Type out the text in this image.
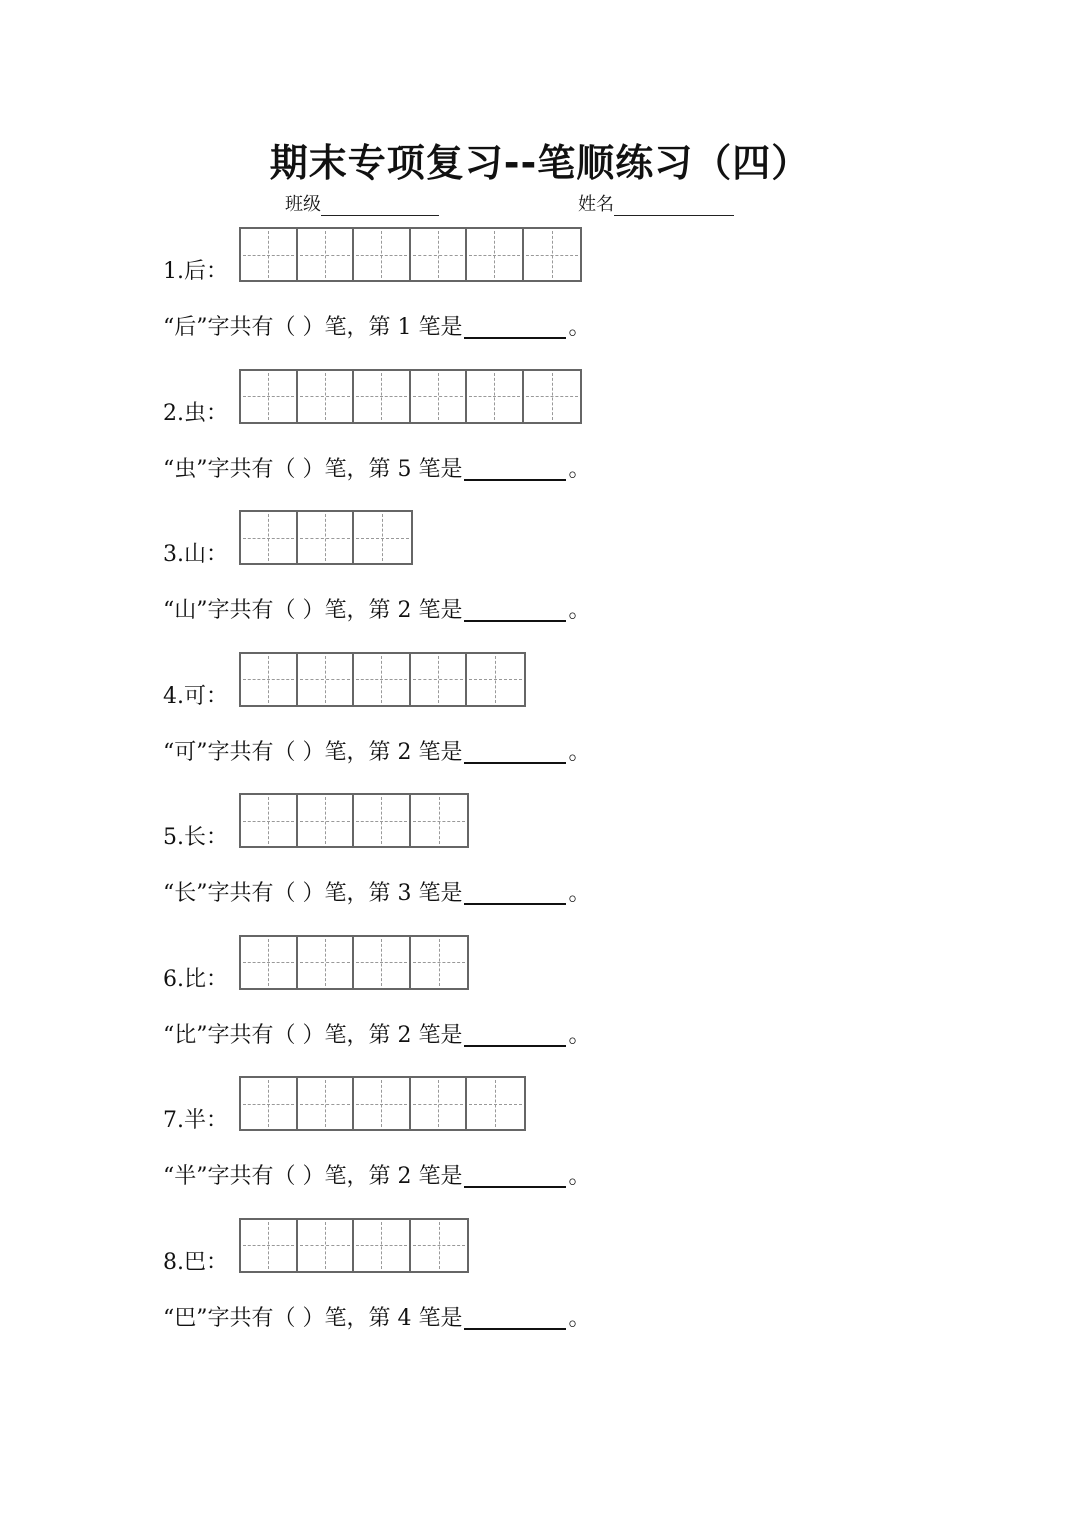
期末专项复习--笔顺练习（四）
班级	姓名
1.后：
“后”字共有（ ）笔，第 1 笔是	。
2.虫：
“虫”字共有（ ）笔，第 5 笔是	。
3.山：
“山”字共有（ ）笔，第 2 笔是	。
4.可：
“可”字共有（ ）笔，第 2 笔是	。
5.长：
“长”字共有（ ）笔，第 3 笔是	。
6.比：
“比”字共有（ ）笔，第 2 笔是	。
7.半：
“半”字共有（ ）笔，第 2 笔是	。
8.巴：
“巴”字共有（ ）笔，第 4 笔是	。
